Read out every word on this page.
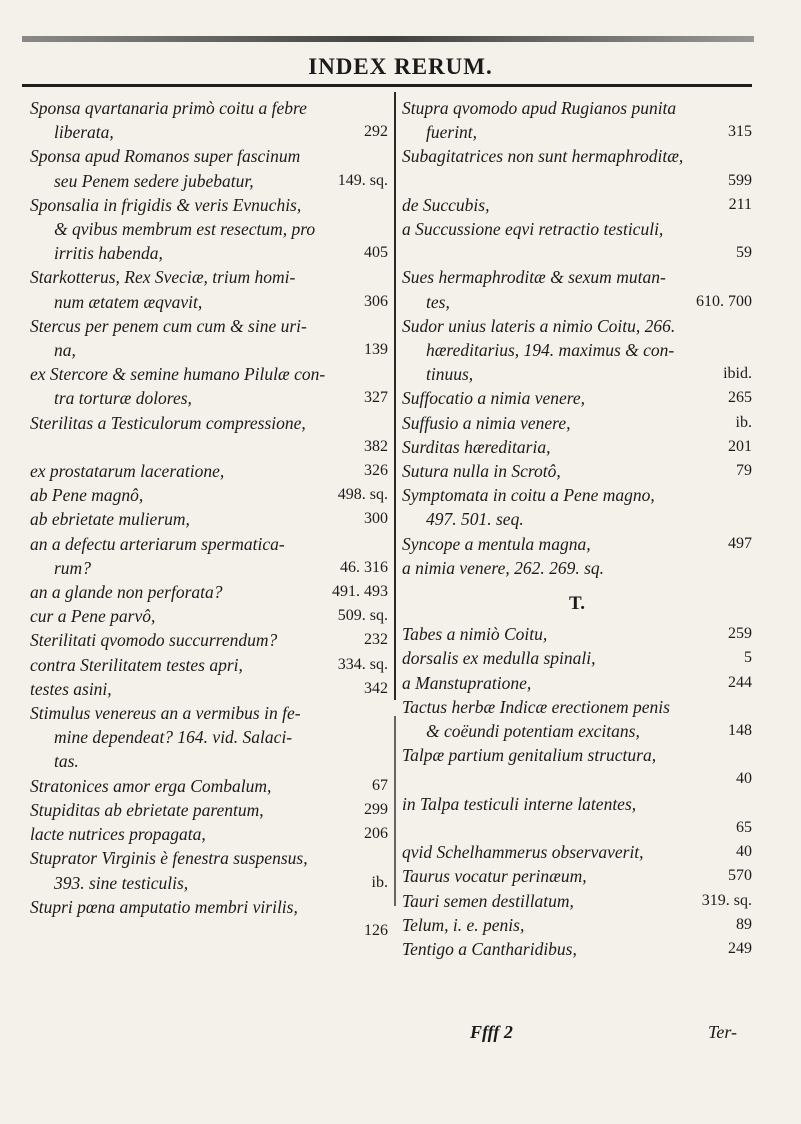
INDEX RERUM.
Sponsa qvartanaria primò coitu a febre
liberata,	292
Sponsa apud Romanos super fascinum
seu Penem sedere jubebatur,	149. sq.
Sponsalia in frigidis & veris Evnuchis,
& qvibus membrum est resectum, pro
irritis habenda,	405
Starkotterus, Rex Sveciæ, trium homi-
num ætatem æqvavit,	306
Stercus per penem cum cum & sine uri-
na,	139
ex Stercore & semine humano Pilulæ con-
tra torturæ dolores,	327
Sterilitas a Testiculorum compressione,
382
ex prostatarum laceratione,	326
ab Pene magnô,	498. sq.
ab ebrietate mulierum,	300
an a defectu arteriarum spermatica-
rum?	46. 316
an a glande non perforata?	491. 493
cur a Pene parvô,	509. sq.
Sterilitati qvomodo succurrendum?	232
contra Sterilitatem testes apri,	334. sq.
testes asini,	342
Stimulus venereus an a vermibus in fe-
mine dependeat? 164. vid. Salaci-
tas.
Stratonices amor erga Combalum,	67
Stupiditas ab ebrietate parentum,	299
lacte nutrices propagata,	206
Stuprator Virginis è fenestra suspensus,
393. sine testiculis,	ib.
Stupri pœna amputatio membri virilis,
126
Stupra qvomodo apud Rugianos punita
fuerint,	315
Subagitatrices non sunt hermaphroditæ,
599
de Succubis,	211
a Succussione eqvi retractio testiculi,
59
Sues hermaphroditæ & sexum mutan-
tes,	610. 700
Sudor unius lateris a nimio Coitu, 266.
hæreditarius, 194. maximus & con-
tinuus,	ibid.
Suffocatio a nimia venere,	265
Suffusio a nimia venere,	ib.
Surditas hæreditaria,	201
Sutura nulla in Scrotô,	79
Symptomata in coitu a Pene magno,
497. 501. seq.
Syncope a mentula magna,	497
a nimia venere, 262. 269. sq.
T.
Tabes a nimiò Coitu,	259
dorsalis ex medulla spinali,	5
a Manstupratione,	244
Tactus herbæ Indicæ erectionem penis
& coëundi potentiam excitans,	148
Talpæ partium genitalium structura,
40
in Talpa testiculi interne latentes,
65
qvid Schelhammerus observaverit,	40
Taurus vocatur perinæum,	570
Tauri semen destillatum,	319. sq.
Telum, i. e. penis,	89
Tentigo a Cantharidibus,	249
Ffff 2	Ter-
